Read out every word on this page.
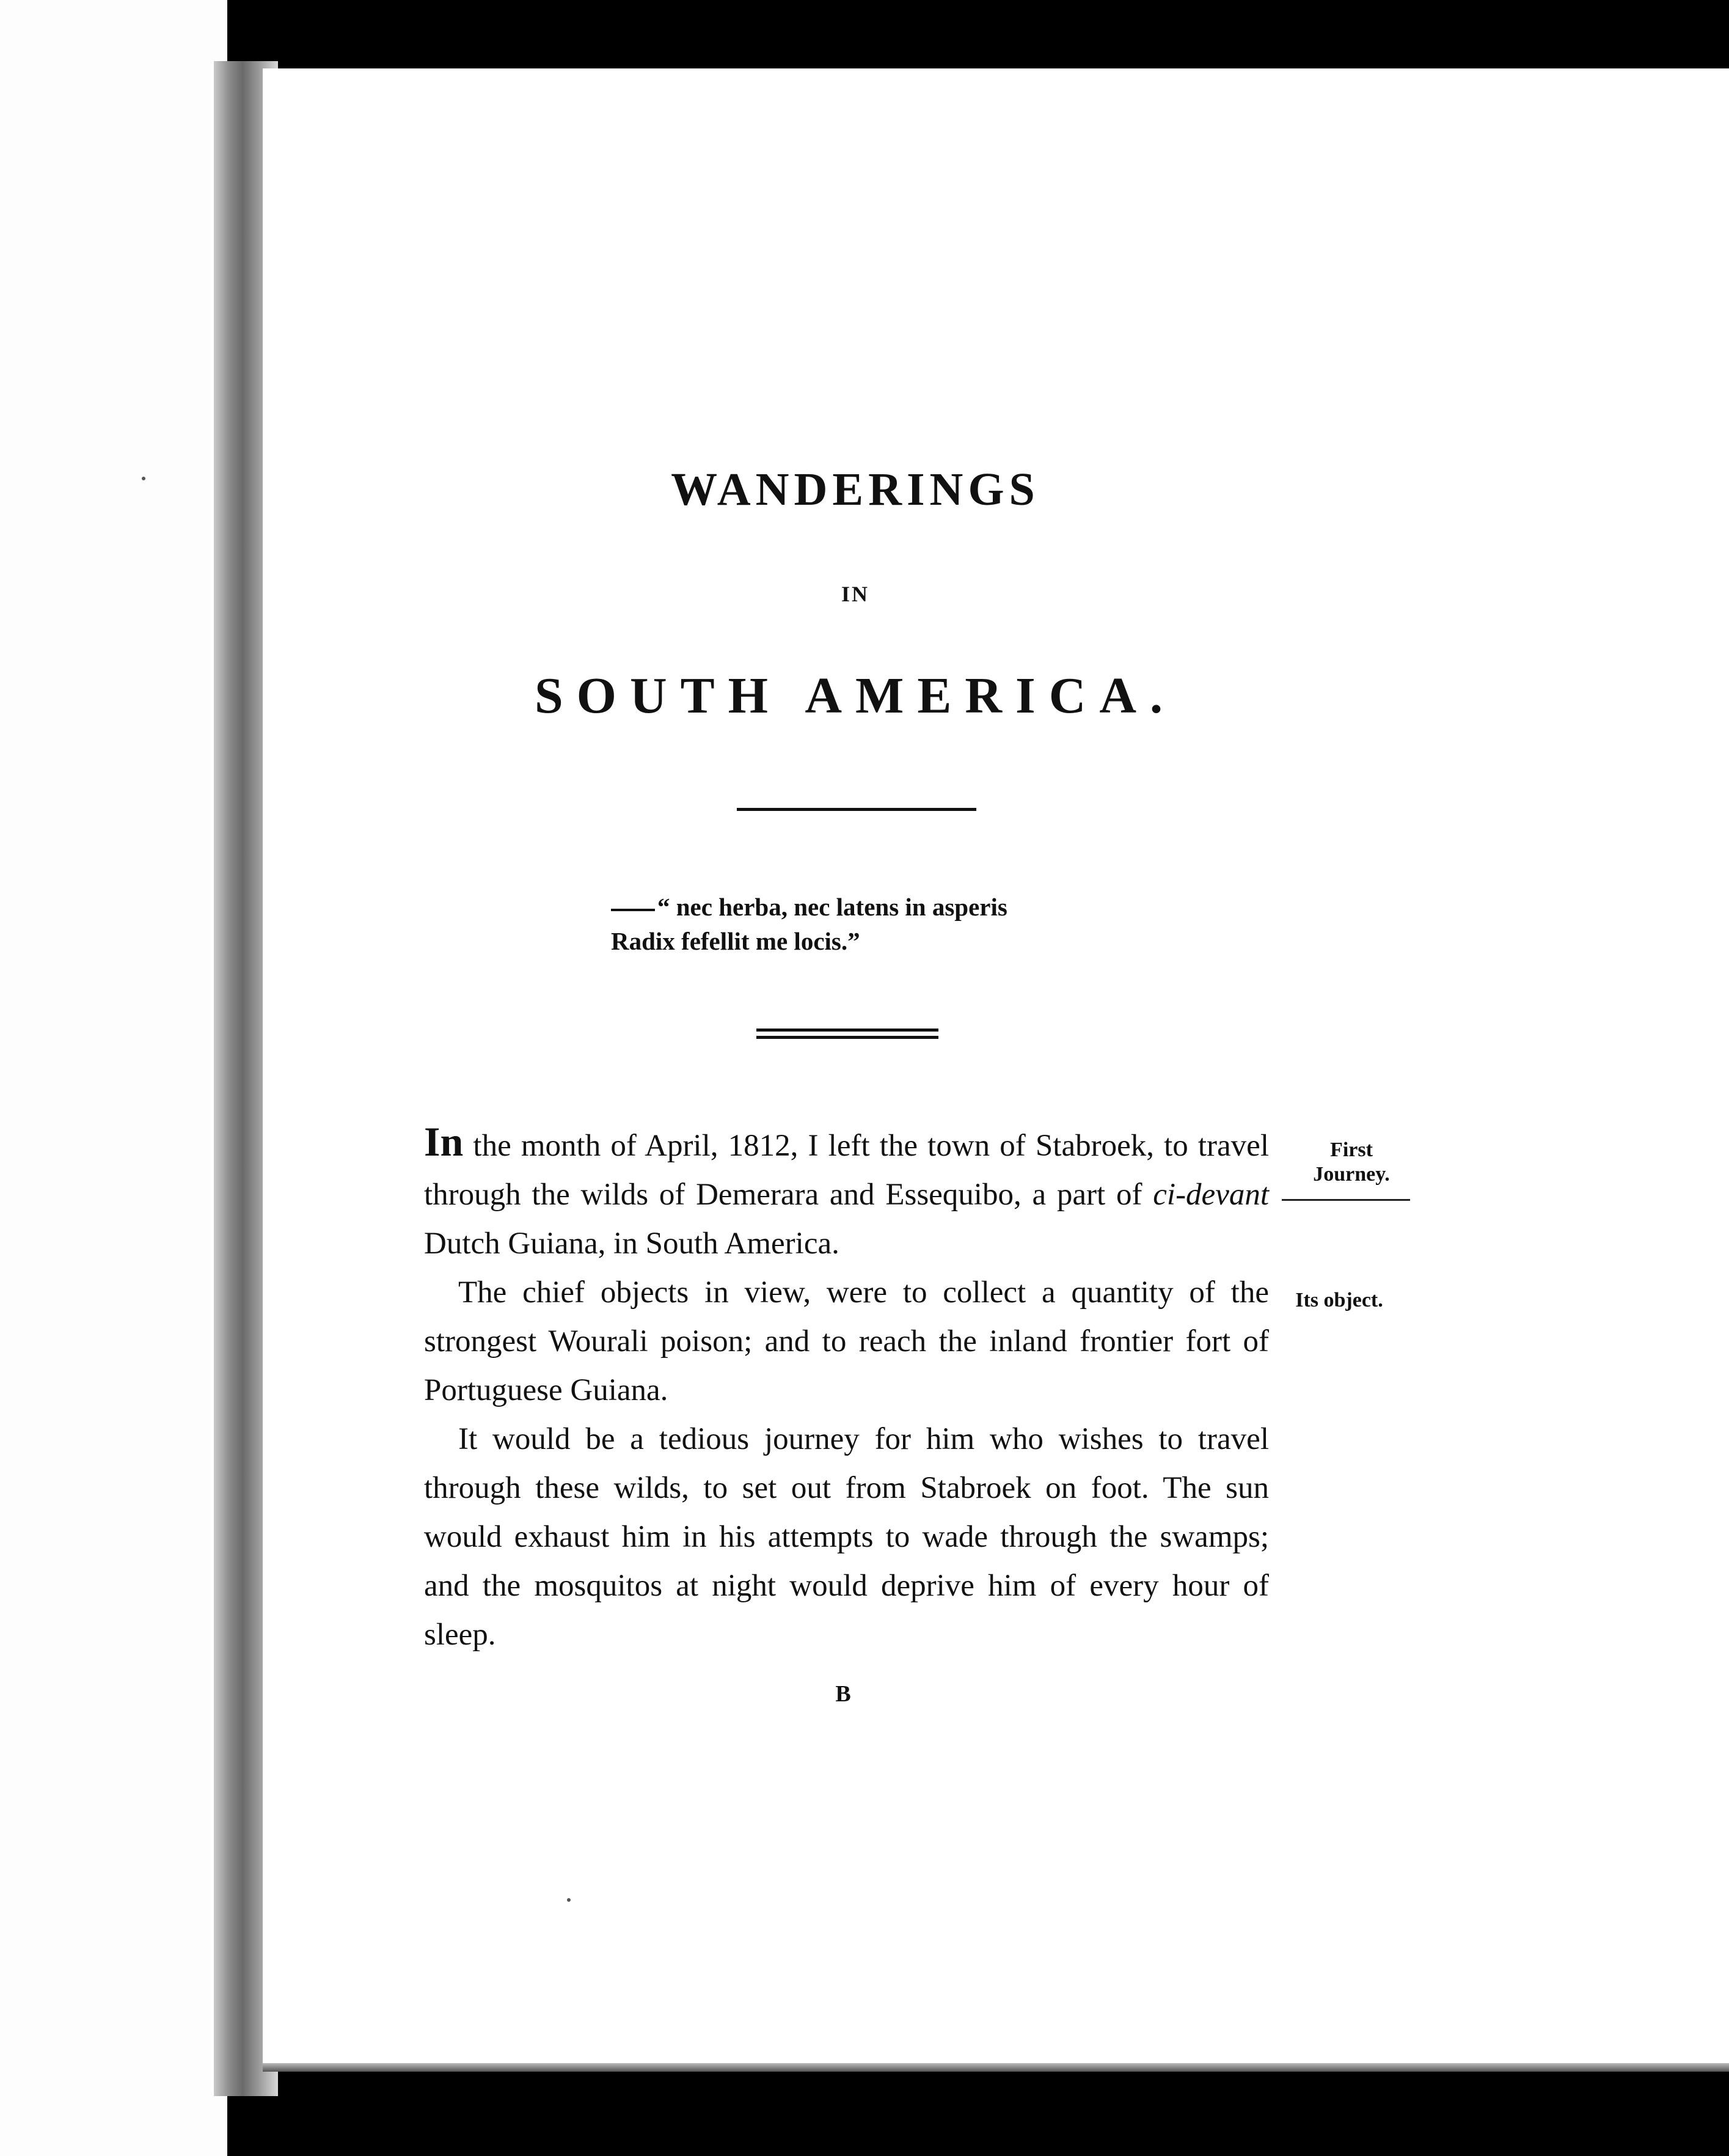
WANDERINGS
IN
SOUTH AMERICA.
“ nec herba, nec latens in asperis
Radix fefellit me locis.”

In the month of April, 1812, I left the town of Stabroek, to travel through the wilds of Demerara and Essequibo, a part of ci-devant Dutch Guiana, in South America.

The chief objects in view, were to collect a quantity of the strongest Wourali poison; and to reach the inland frontier fort of Portuguese Guiana.

It would be a tedious journey for him who wishes to travel through these wilds, to set out from Stabroek on foot. The sun would exhaust him in his attempts to wade through the swamps; and the mosquitos at night would deprive him of every hour of sleep.

First
Journey.
Its object.
B
